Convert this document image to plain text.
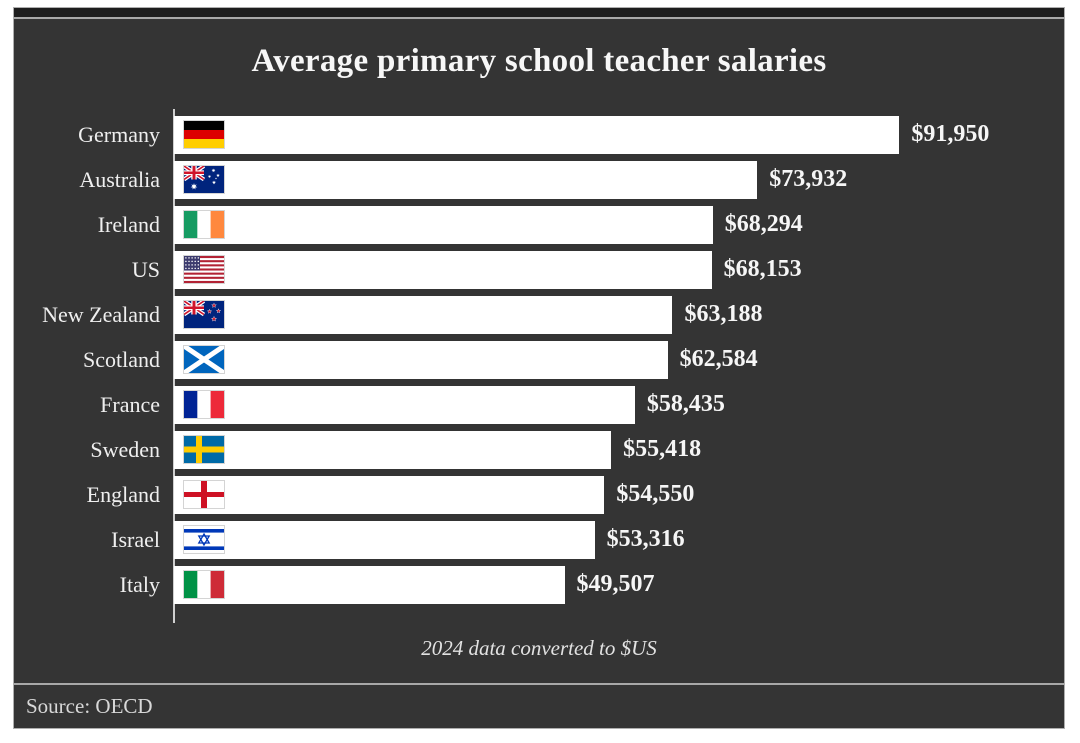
Average primary school teacher salaries
Germany	$91,950
Australia	$73,932
Ireland	$68,294
US	$68,153
New Zealand	$63,188
Scotland	$62,584
France	$58,435
Sweden	$55,418
England	$54,550
Israel	$53,316
Italy	$49,507
2024 data converted to $US
Source: OECD
